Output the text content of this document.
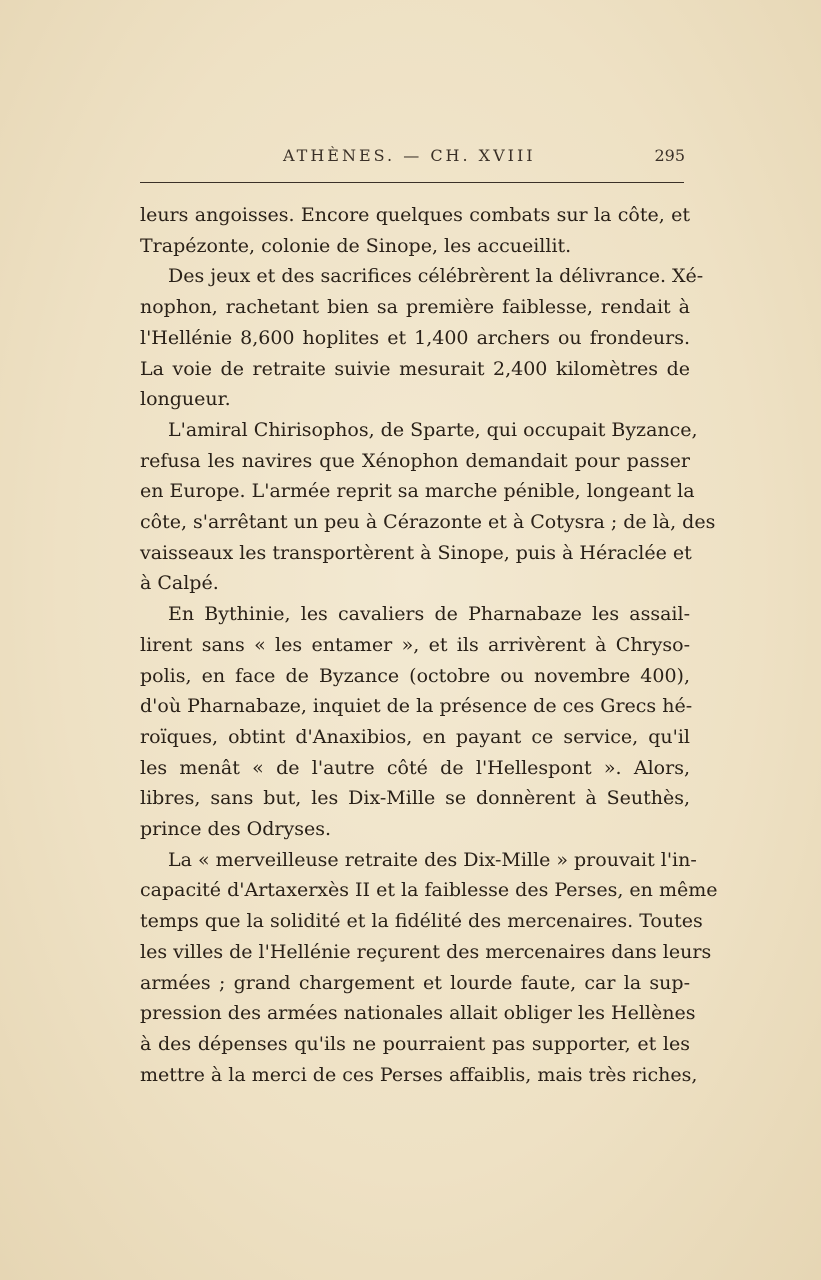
ATHÈNES. — CH. XVIII	295
leurs angoisses. Encore quelques combats sur la côte, et
Trapézonte, colonie de Sinope, les accueillit.
Des jeux et des sacrifices célébrèrent la délivrance. Xé-
nophon, rachetant bien sa première faiblesse, rendait à
l'Hellénie 8,600 hoplites et 1,400 archers ou frondeurs.
La voie de retraite suivie mesurait 2,400 kilomètres de
longueur.
L'amiral Chirisophos, de Sparte, qui occupait Byzance,
refusa les navires que Xénophon demandait pour passer
en Europe. L'armée reprit sa marche pénible, longeant la
côte, s'arrêtant un peu à Cérazonte et à Cotysra ; de là, des
vaisseaux les transportèrent à Sinope, puis à Héraclée et
à Calpé.
En Bythinie, les cavaliers de Pharnabaze les assail-
lirent sans « les entamer », et ils arrivèrent à Chryso-
polis, en face de Byzance (octobre ou novembre 400),
d'où Pharnabaze, inquiet de la présence de ces Grecs hé-
roïques, obtint d'Anaxibios, en payant ce service, qu'il
les menât « de l'autre côté de l'Hellespont ». Alors,
libres, sans but, les Dix-Mille se donnèrent à Seuthès,
prince des Odryses.
La « merveilleuse retraite des Dix-Mille » prouvait l'in-
capacité d'Artaxerxès II et la faiblesse des Perses, en même
temps que la solidité et la fidélité des mercenaires. Toutes
les villes de l'Hellénie reçurent des mercenaires dans leurs
armées ; grand chargement et lourde faute, car la sup-
pression des armées nationales allait obliger les Hellènes
à des dépenses qu'ils ne pourraient pas supporter, et les
mettre à la merci de ces Perses affaiblis, mais très riches,
